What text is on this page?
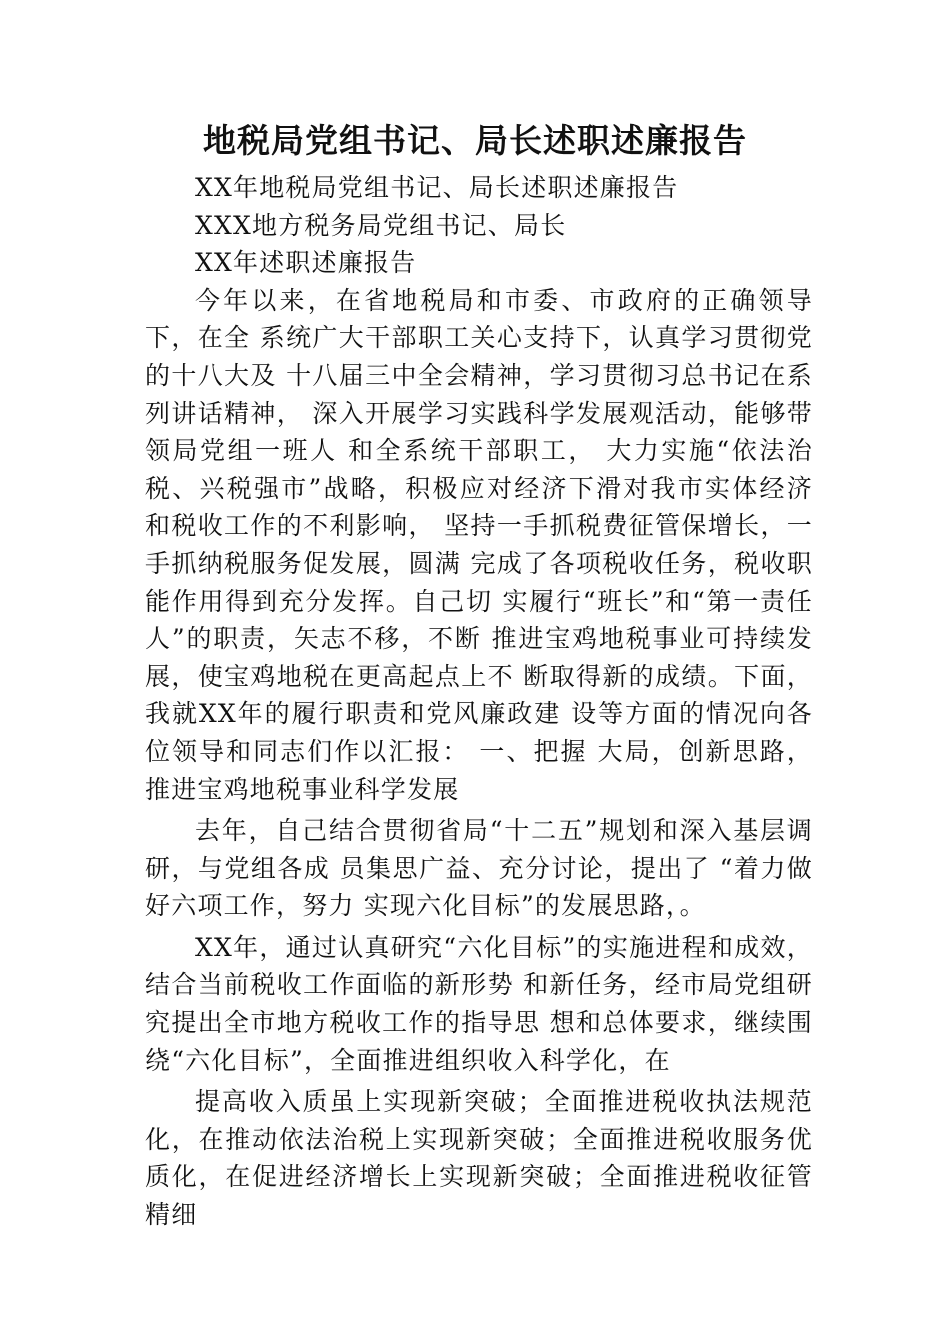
地税局党组书记、局长述职述廉报告

XX年地税局党组书记、局长述职述廉报告

XXX地方税务局党组书记、局长

XX年述职述廉报告

今年以来，在省地税局和市委、市政府的正确领导下，在全 系统广大干部职工关心支持下，认真学习贯彻党的十八大及 十八届三中全会精神，学习贯彻习总书记在系列讲话精神， 深入开展学习实践科学发展观活动，能够带领局党组一班人 和全系统干部职工， 大力实施“依法治税、兴税强市”战略，积极应对经济下滑对我市实体经济和税收工作的不利影响， 坚持一手抓税费征管保增长，一手抓纳税服务促发展，圆满 完成了各项税收任务，税收职能作用得到充分发挥。自己切 实履行“班长”和“第一责任人”的职责，矢志不移，不断 推进宝鸡地税事业可持续发展，使宝鸡地税在更高起点上不 断取得新的成绩。下面，我就XX年的履行职责和党风廉政建 设等方面的情况向各位领导和同志们作以汇报： 一、把握 大局，创新思路，推进宝鸡地税事业科学发展

去年，自己结合贯彻省局“十二五”规划和深入基层调研，与党组各成 员集思广益、充分讨论，提出了 “着力做好六项工作，努力 实现六化目标”的发展思路，。

XX年，通过认真研究“六化目标”的实施进程和成效，结合当前税收工作面临的新形势 和新任务，经市局党组研究提出全市地方税收工作的指导思 想和总体要求，继续围绕“六化目标”，全面推进组织收入科学化，在

提高收入质虽上实现新突破；全面推进税收执法规范化，在推动依法治税上实现新突破；全面推进税收服务优质化，在促进经济增长上实现新突破；全面推进税收征管精细
